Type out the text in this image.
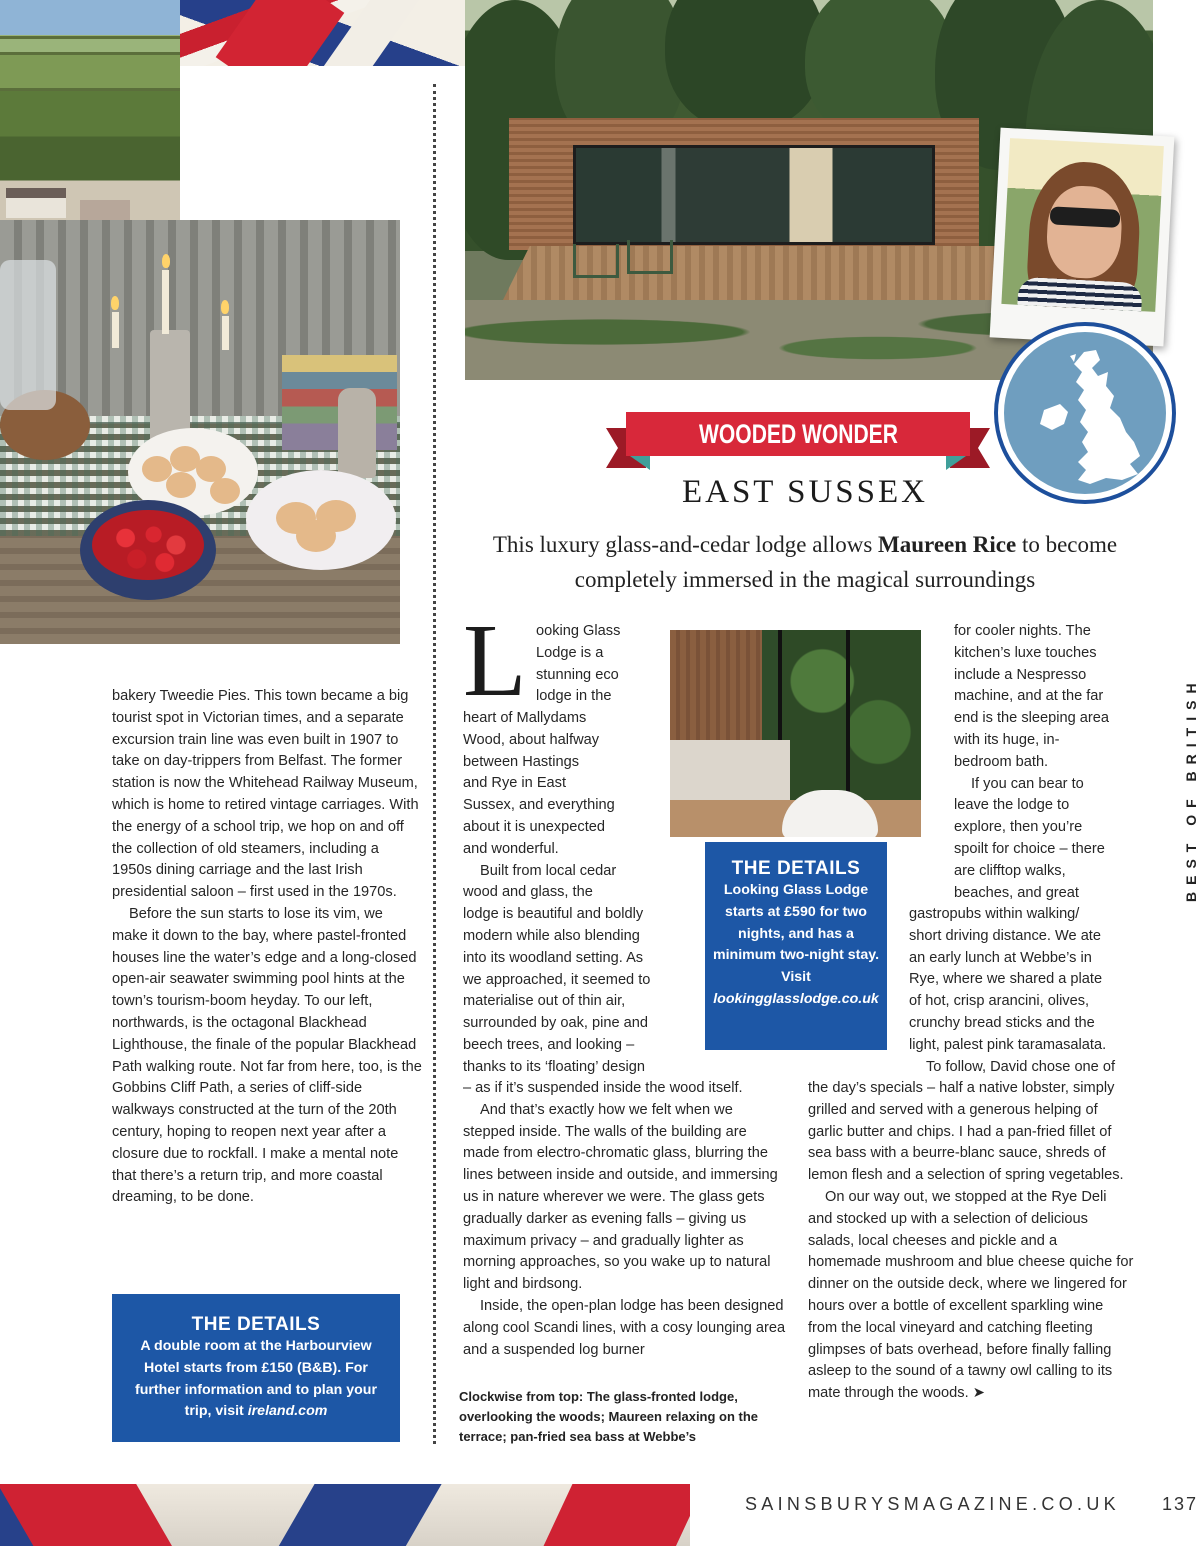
bakery Tweedie Pies. This town became a big tourist spot in Victorian times, and a separate excursion train line was even built in 1907 to take on day-trippers from Belfast. The former station is now the Whitehead Railway Museum, which is home to retired vintage carriages. With the energy of a school trip, we hop on and off the collection of old steamers, including a 1950s dining carriage and the last Irish presidential saloon – first used in the 1970s.

Before the sun starts to lose its vim, we make it down to the bay, where pastel-fronted houses line the water’s edge and a long-closed open-air seawater swimming pool hints at the town’s tourism-boom heyday. To our left, northwards, is the octagonal Blackhead Lighthouse, the finale of the popular Blackhead Path walking route. Not far from here, too, is the Gobbins Cliff Path, a series of cliff-side walkways constructed at the turn of the 20th century, hoping to reopen next year after a closure due to rockfall. I make a mental note that there’s a return trip, and more coastal dreaming, to be done.

THE DETAILS
A double room at the Harbourview Hotel starts from £150 (B&B). For further information and to plan your trip, visit ireland.com
WOODED WONDER
EAST SUSSEX
This luxury glass-and-cedar lodge allows Maureen Rice to become completely immersed in the magical surroundings
L ooking Glass
Lodge is a
stunning eco
lodge in the
heart of Mallydams
Wood, about halfway
between Hastings
and Rye in East
Sussex, and everything
about it is unexpected
and wonderful.
Built from local cedar
wood and glass, the
lodge is beautiful and boldly
modern while also blending
into its woodland setting. As
we approached, it seemed to
materialise out of thin air,
surrounded by oak, pine and
beech trees, and looking –
thanks to its ‘floating’ design

– as if it’s suspended inside the wood itself.

And that’s exactly how we felt when we stepped inside. The walls of the building are made from electro-chromatic glass, blurring the lines between inside and outside, and immersing us in nature wherever we were. The glass gets gradually darker as evening falls – giving us maximum privacy – and gradually lighter as morning approaches, so you wake up to natural light and birdsong.

Inside, the open-plan lodge has been designed along cool Scandi lines, with a cosy lounging area and a suspended log burner

THE DETAILS
Looking Glass Lodge starts at £590 for two nights, and has a minimum two-night stay. Visit lookingglasslodge.co.uk
Clockwise from top: The glass-fronted lodge, overlooking the woods; Maureen relaxing on the terrace; pan-fried sea bass at Webbe’s
for cooler nights. The
kitchen’s luxe touches
include a Nespresso
machine, and at the far
end is the sleeping area
with its huge, in-
bedroom bath.
If you can bear to
leave the lodge to
explore, then you’re
spoilt for choice – there
are clifftop walks,
beaches, and great
gastropubs within walking/
short driving distance. We ate
an early lunch at Webbe’s in
Rye, where we shared a plate
of hot, crisp arancini, olives,
crunchy bread sticks and the
light, palest pink taramasalata.
To follow, David chose one of

the day’s specials – half a native lobster, simply grilled and served with a generous helping of garlic butter and chips. I had a pan-fried fillet of sea bass with a beurre-blanc sauce, shreds of lemon flesh and a selection of spring vegetables.

On our way out, we stopped at the Rye Deli and stocked up with a selection of delicious salads, local cheeses and pickle and a homemade mushroom and blue cheese quiche for dinner on the outside deck, where we lingered for hours over a bottle of excellent sparkling wine from the local vineyard and catching fleeting glimpses of bats overhead, before finally falling asleep to the sound of a tawny owl calling to its mate through the woods. ➤

BEST OF BRITISH
SAINSBURYSMAGAZINE.CO.UK	137
